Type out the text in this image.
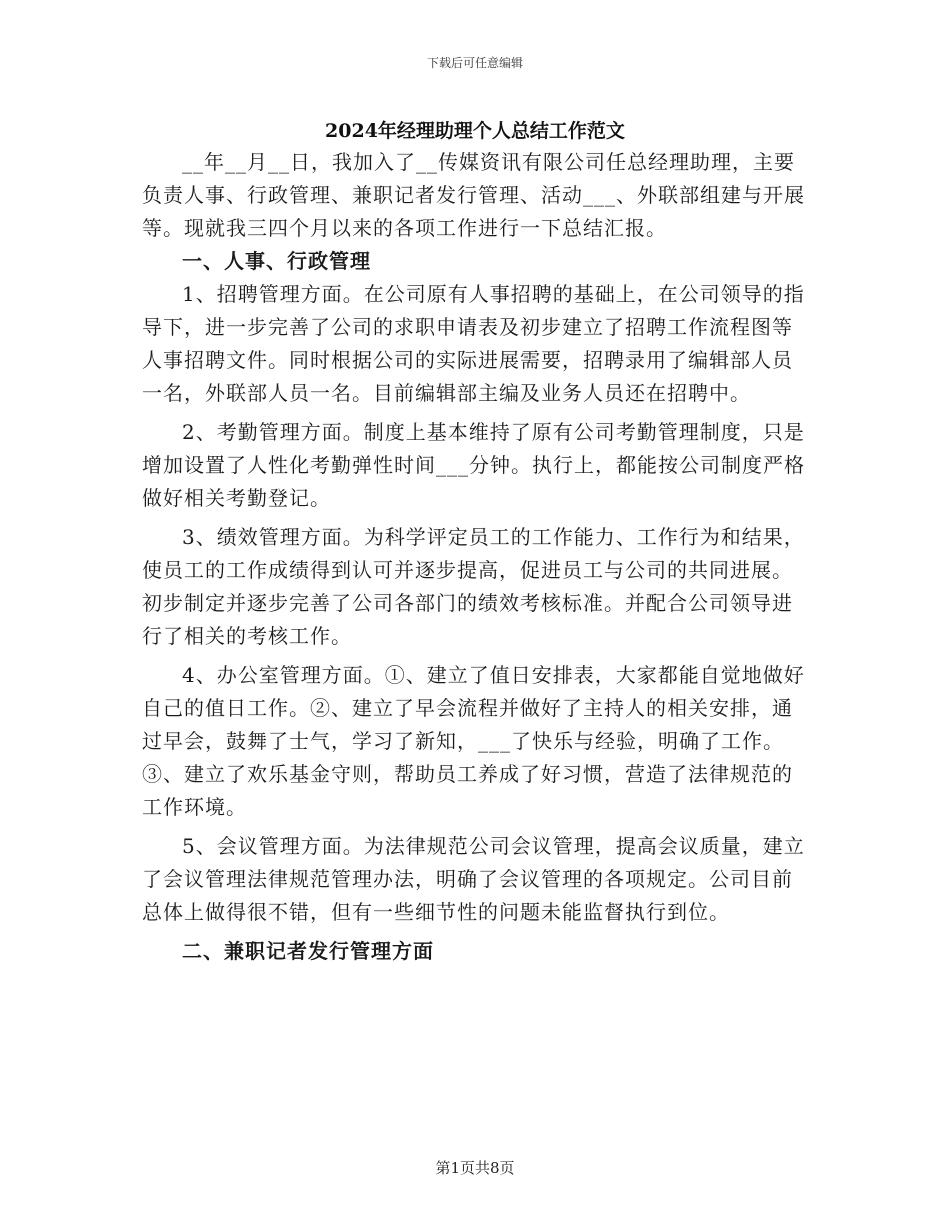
下载后可任意编辑
2024年经理助理个人总结工作范文

__年__月__日，我加入了__传媒资讯有限公司任总经理助理，主要负责人事、行政管理、兼职记者发行管理、活动___、外联部组建与开展等。现就我三四个月以来的各项工作进行一下总结汇报。

一、人事、行政管理

1、招聘管理方面。在公司原有人事招聘的基础上，在公司领导的指导下，进一步完善了公司的求职申请表及初步建立了招聘工作流程图等人事招聘文件。同时根据公司的实际进展需要，招聘录用了编辑部人员一名，外联部人员一名。目前编辑部主编及业务人员还在招聘中。

2、考勤管理方面。制度上基本维持了原有公司考勤管理制度，只是增加设置了人性化考勤弹性时间___分钟。执行上，都能按公司制度严格做好相关考勤登记。

3、绩效管理方面。为科学评定员工的工作能力、工作行为和结果，使员工的工作成绩得到认可并逐步提高，促进员工与公司的共同进展。初步制定并逐步完善了公司各部门的绩效考核标准。并配合公司领导进行了相关的考核工作。

4、办公室管理方面。①、建立了值日安排表，大家都能自觉地做好自己的值日工作。②、建立了早会流程并做好了主持人的相关安排，通过早会，鼓舞了士气，学习了新知，___了快乐与经验，明确了工作。③、建立了欢乐基金守则，帮助员工养成了好习惯，营造了法律规范的工作环境。

5、会议管理方面。为法律规范公司会议管理，提高会议质量，建立了会议管理法律规范管理办法，明确了会议管理的各项规定。公司目前总体上做得很不错，但有一些细节性的问题未能监督执行到位。

二、兼职记者发行管理方面
第1页共8页
